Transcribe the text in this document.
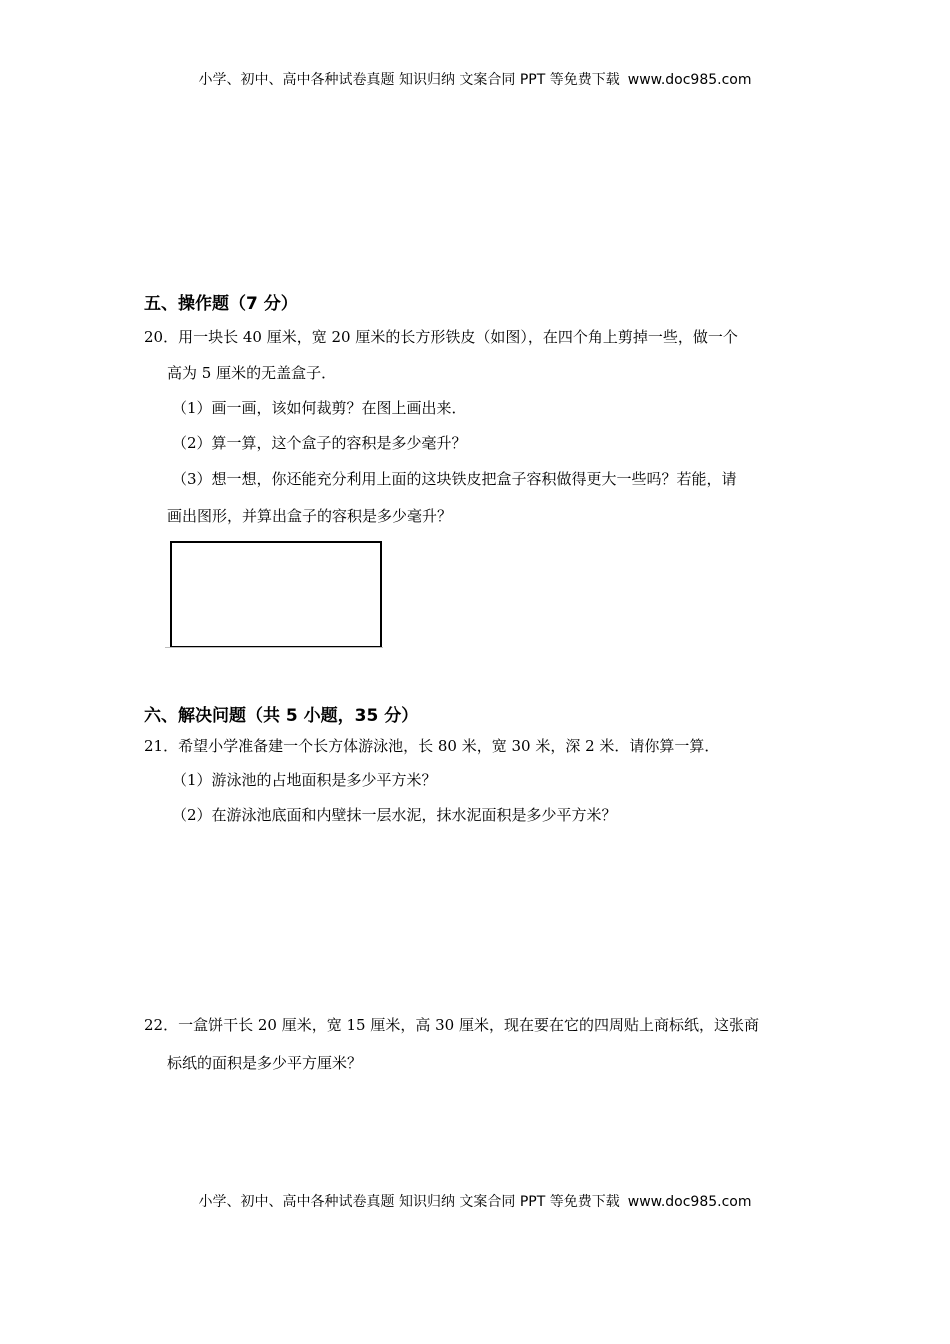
小学、初中、高中各种试卷真题 知识归纳 文案合同 PPT 等免费下载 www.doc985.com
五、操作题（7 分）
20．用一块长 40 厘米，宽 20 厘米的长方形铁皮（如图），在四个角上剪掉一些，做一个
高为 5 厘米的无盖盒子．
（1）画一画，该如何裁剪？在图上画出来．
（2）算一算，这个盒子的容积是多少毫升？
（3）想一想，你还能充分利用上面的这块铁皮把盒子容积做得更大一些吗？若能，请
画出图形，并算出盒子的容积是多少毫升？
六、解决问题（共 5 小题，35 分）
21．希望小学准备建一个长方体游泳池，长 80 米，宽 30 米，深 2 米．请你算一算．
（1）游泳池的占地面积是多少平方米？
（2）在游泳池底面和内壁抹一层水泥，抹水泥面积是多少平方米？
22．一盒饼干长 20 厘米，宽 15 厘米，高 30 厘米，现在要在它的四周贴上商标纸，这张商
标纸的面积是多少平方厘米？
小学、初中、高中各种试卷真题 知识归纳 文案合同 PPT 等免费下载 www.doc985.com
